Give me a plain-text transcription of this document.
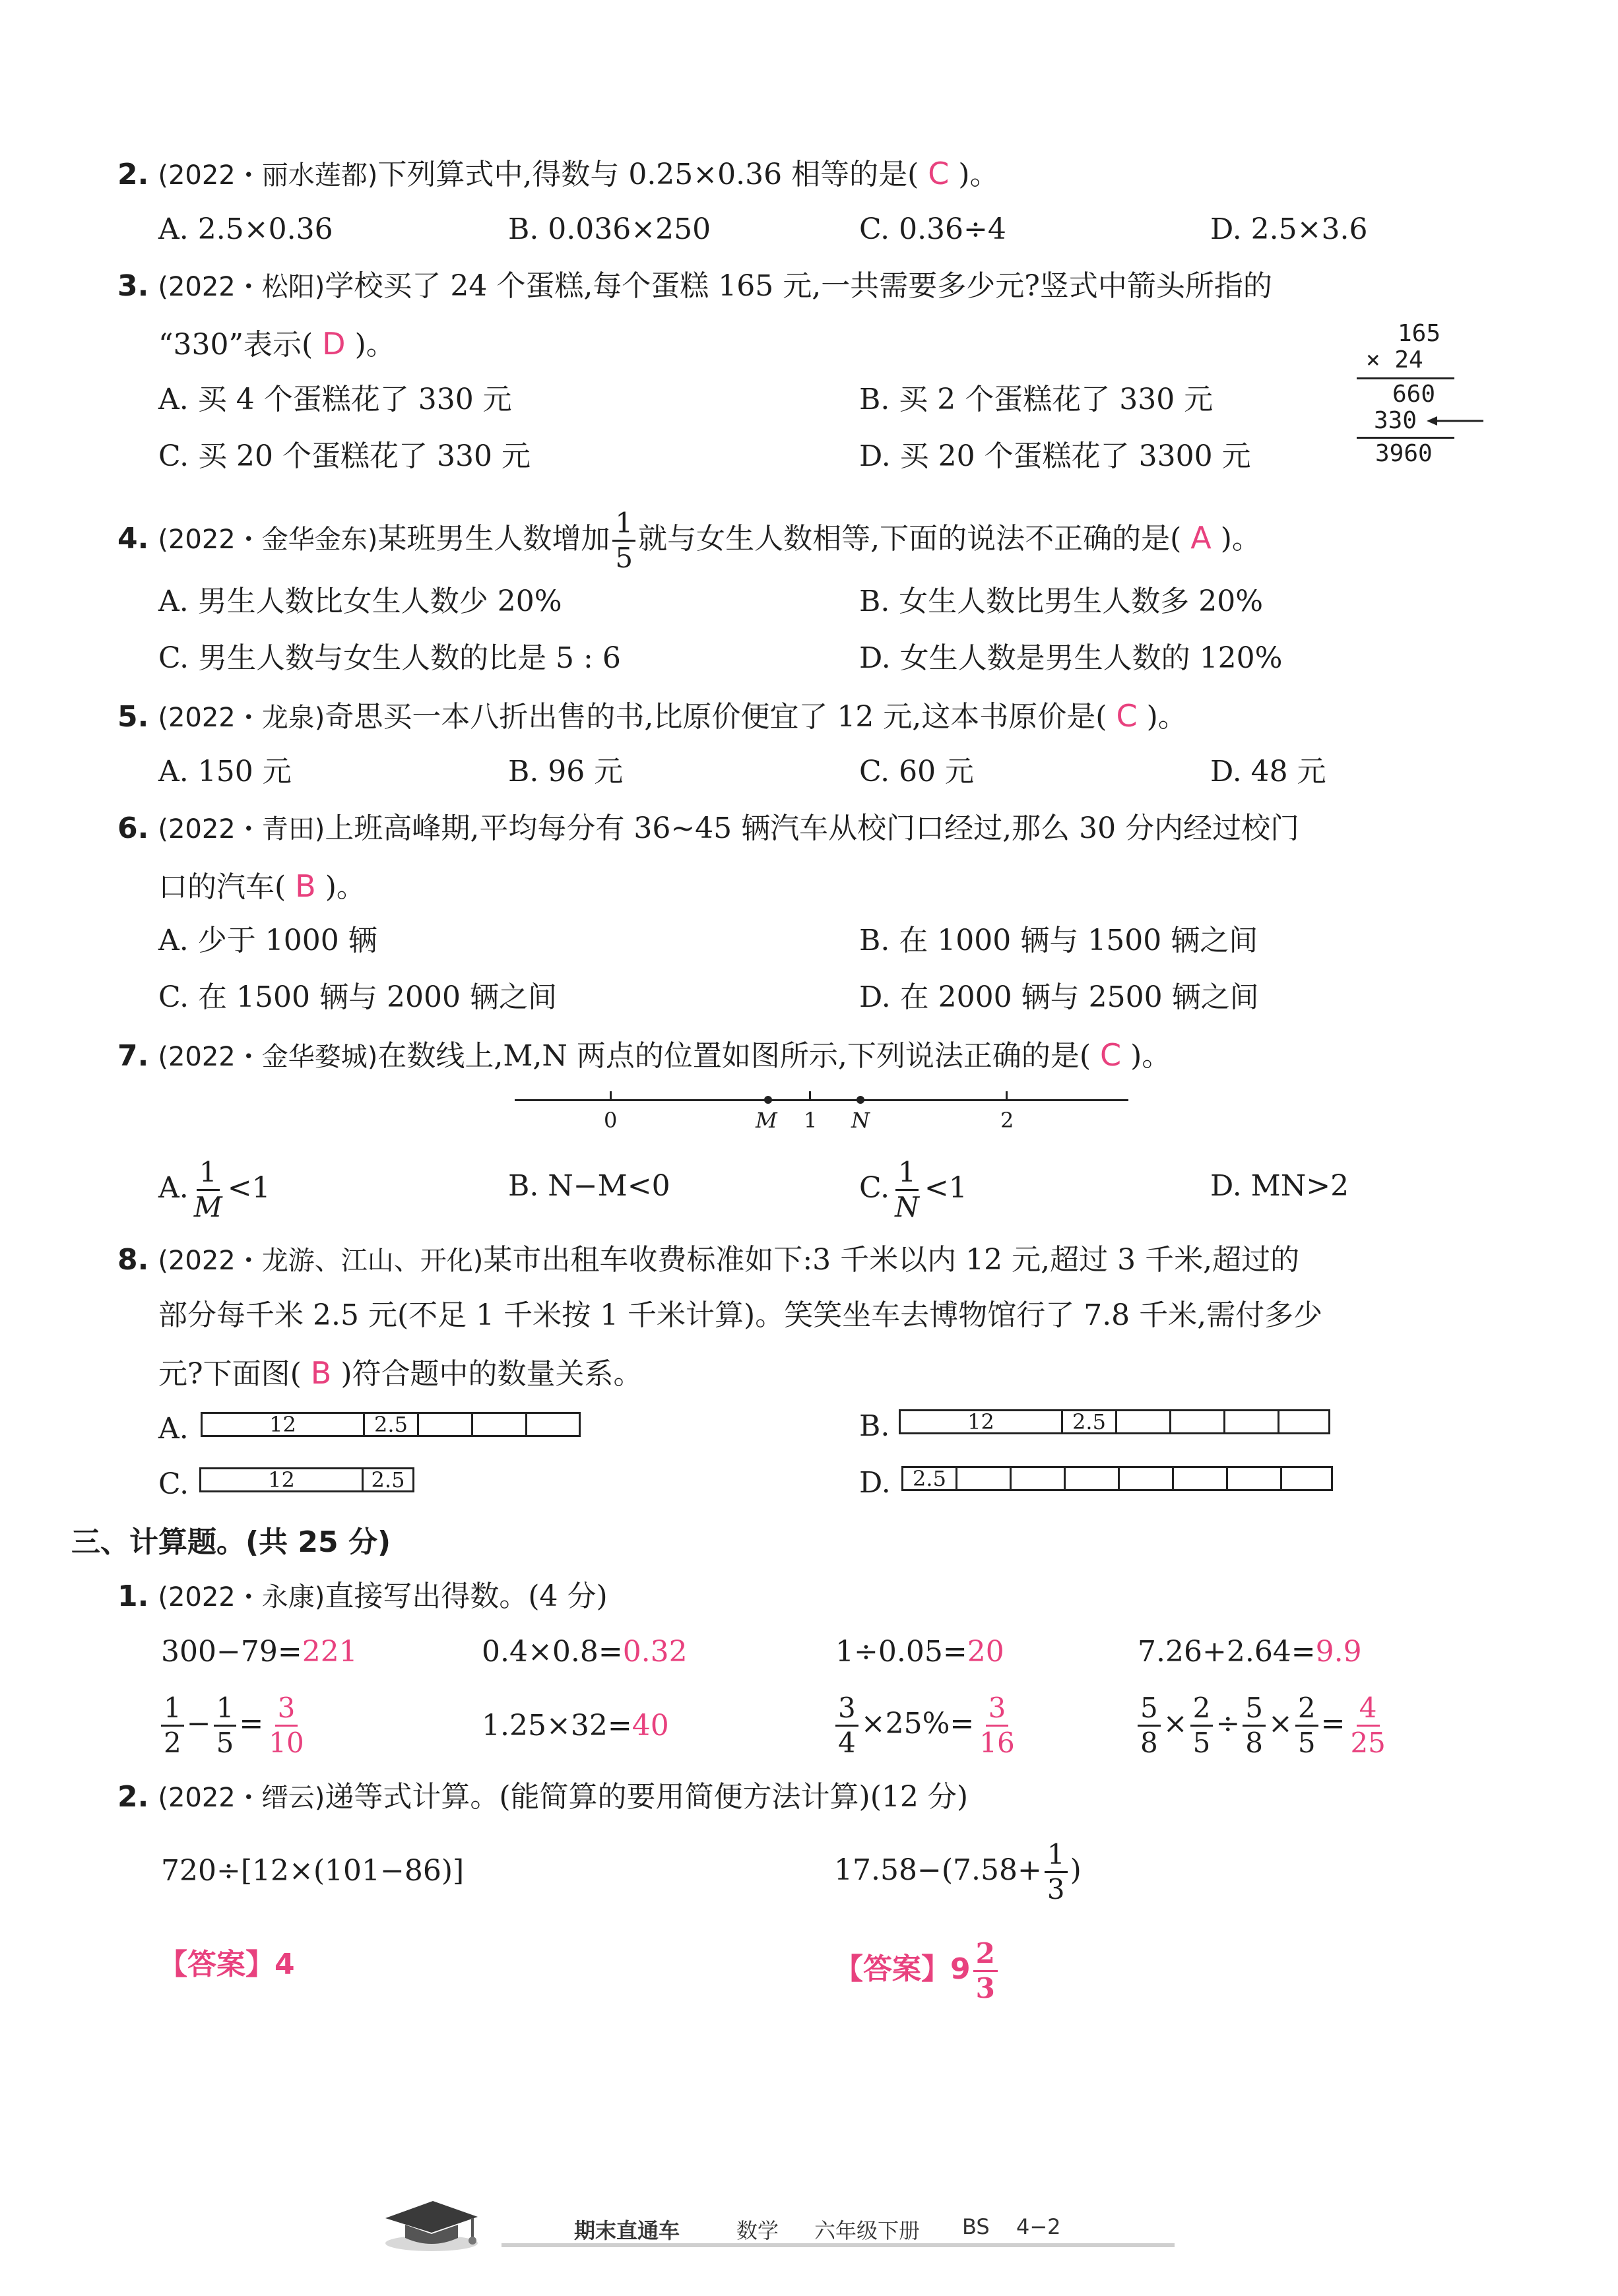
2. (2022・丽水莲都)下列算式中,得数与 0.25×0.36 相等的是( C )。
A. 2.5×0.36	B. 0.036×250	C. 0.36÷4	D. 2.5×3.6
3. (2022・松阳)学校买了 24 个蛋糕,每个蛋糕 165 元,一共需要多少元?竖式中箭头所指的
“330”表示( D )。
A. 买 4 个蛋糕花了 330 元	B. 买 2 个蛋糕花了 330 元
C. 买 20 个蛋糕花了 330 元	D. 买 20 个蛋糕花了 3300 元
165
× 24
660
330
3960
4. (2022・金华金东)某班男生人数增加 $\frac{1}{5}$ 就与女生人数相等,下面的说法不正确的是( A )。
A. 男生人数比女生人数少 20%	B. 女生人数比男生人数多 20%
C. 男生人数与女生人数的比是 5 : 6	D. 女生人数是男生人数的 120%
5. (2022・龙泉)奇思买一本八折出售的书,比原价便宜了 12 元,这本书原价是( C )。
A. 150 元	B. 96 元	C. 60 元	D. 48 元
6. (2022・青田)上班高峰期,平均每分有 36~45 辆汽车从校门口经过,那么 30 分内经过校门
口的汽车( B )。
A. 少于 1000 辆	B. 在 1000 辆与 1500 辆之间
C. 在 1500 辆与 2000 辆之间	D. 在 2000 辆与 2500 辆之间
7. (2022・金华婺城)在数线上,M,N 两点的位置如图所示,下列说法正确的是( C )。
0	M 1 N	2
A. $\frac{1}{M} <1$	B. N−M<0	C. $\frac{1}{N} <1$	D. MN>2
8. (2022・龙游、江山、开化)某市出租车收费标准如下:3 千米以内 12 元,超过 3 千米,超过的
部分每千米 2.5 元(不足 1 千米按 1 千米计算)。笑笑坐车去博物馆行了 7.8 千米,需付多少
元?下面图( B )符合题中的数量关系。
A.	12	2.5	B.	12	2.5
C.	12	2.5	D.	2.5
三、计算题。(共 25 分)
1. (2022・永康)直接写出得数。(4 分)
300−79=221	0.4×0.8=0.32	1÷0.05=20	7.26+2.64=9.9
$\frac{1}{2} - \frac{1}{5} = \frac{3}{10}$	1.25×32=40	$\frac{3}{4} \times 25\%= \frac{3}{16}$	$\frac{5}{8} \times \frac{2}{5} \div \frac{5}{8} \times \frac{2}{5} = \frac{4}{25}$
2. (2022・缙云)递等式计算。(能简算的要用简便方法计算)(12 分)
720÷[12×(101−86)]	$17.58-(7.58+ \frac{1}{3}$ )
【答案】4	【答案】$9 \frac{2}{3}$
期末直通车	数学 六年级下册 BS 4−2
